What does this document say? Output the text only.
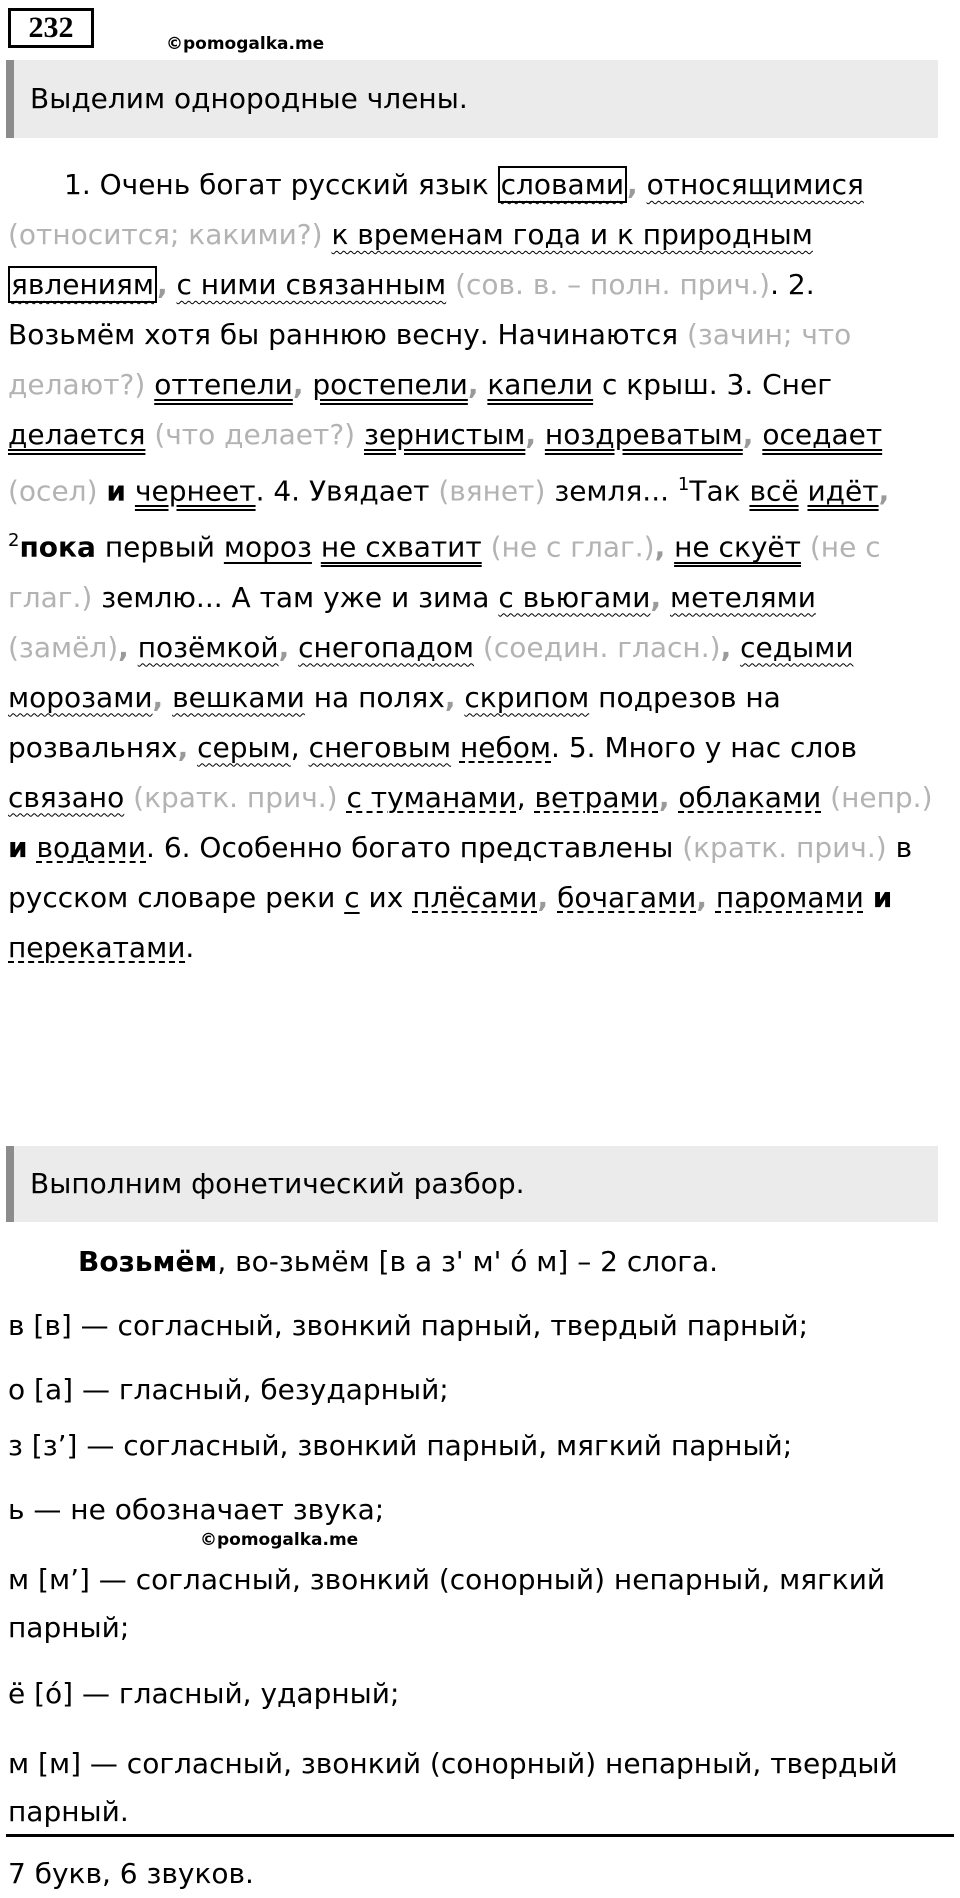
232	©pomogalka.me
Выделим однородные члены.
1. Очень богат русский язык словами , относящимися (относится; какими?) к временам года и к природным явлениям , с ними связанным (сов. в. – полн. прич.). 2. Возьмём хотя бы раннюю весну. Начинаются (зачин; что делают?) оттепели, ростепели, капели с крыш. 3. Снег делается (что делает?) зернистым, ноздреватым, оседает (осел) и чернеет. 4. Увядает (вянет) земля... $^1$Так всё идёт, $^2$пока первый мороз не схватит (не с глаг.), не скуёт (не с глаг.) землю... А там уже и зима с вьюгами, метелями (замёл), позёмкой, снегопадом (соедин. гласн.), седыми морозами, вешками на полях, скрипом подрезов на розвальнях, серым, снеговым небом. 5. Много у нас слов связано (кратк. прич.) с туманами, ветрами, облаками (непр.) и водами. 6. Особенно богато представлены (кратк. прич.) в русском словаре реки с их плёсами, бочагами, паромами и перекатами.
Выполним фонетический разбор.
Возьмём, во-зьмём [в а з' м' ó м] – 2 слога.
в [в] — согласный, звонкий парный, твердый парный;
о [а] — гласный, безударный;
з [з’] — согласный, звонкий парный, мягкий парный;
ь — не обозначает звука;
©pomogalka.me
м [м’] — согласный, звонкий (сонорный) непарный, мягкий парный;
ё [ó] — гласный, ударный;
м [м] — согласный, звонкий (сонорный) непарный, твердый парный.
7 букв, 6 звуков.
